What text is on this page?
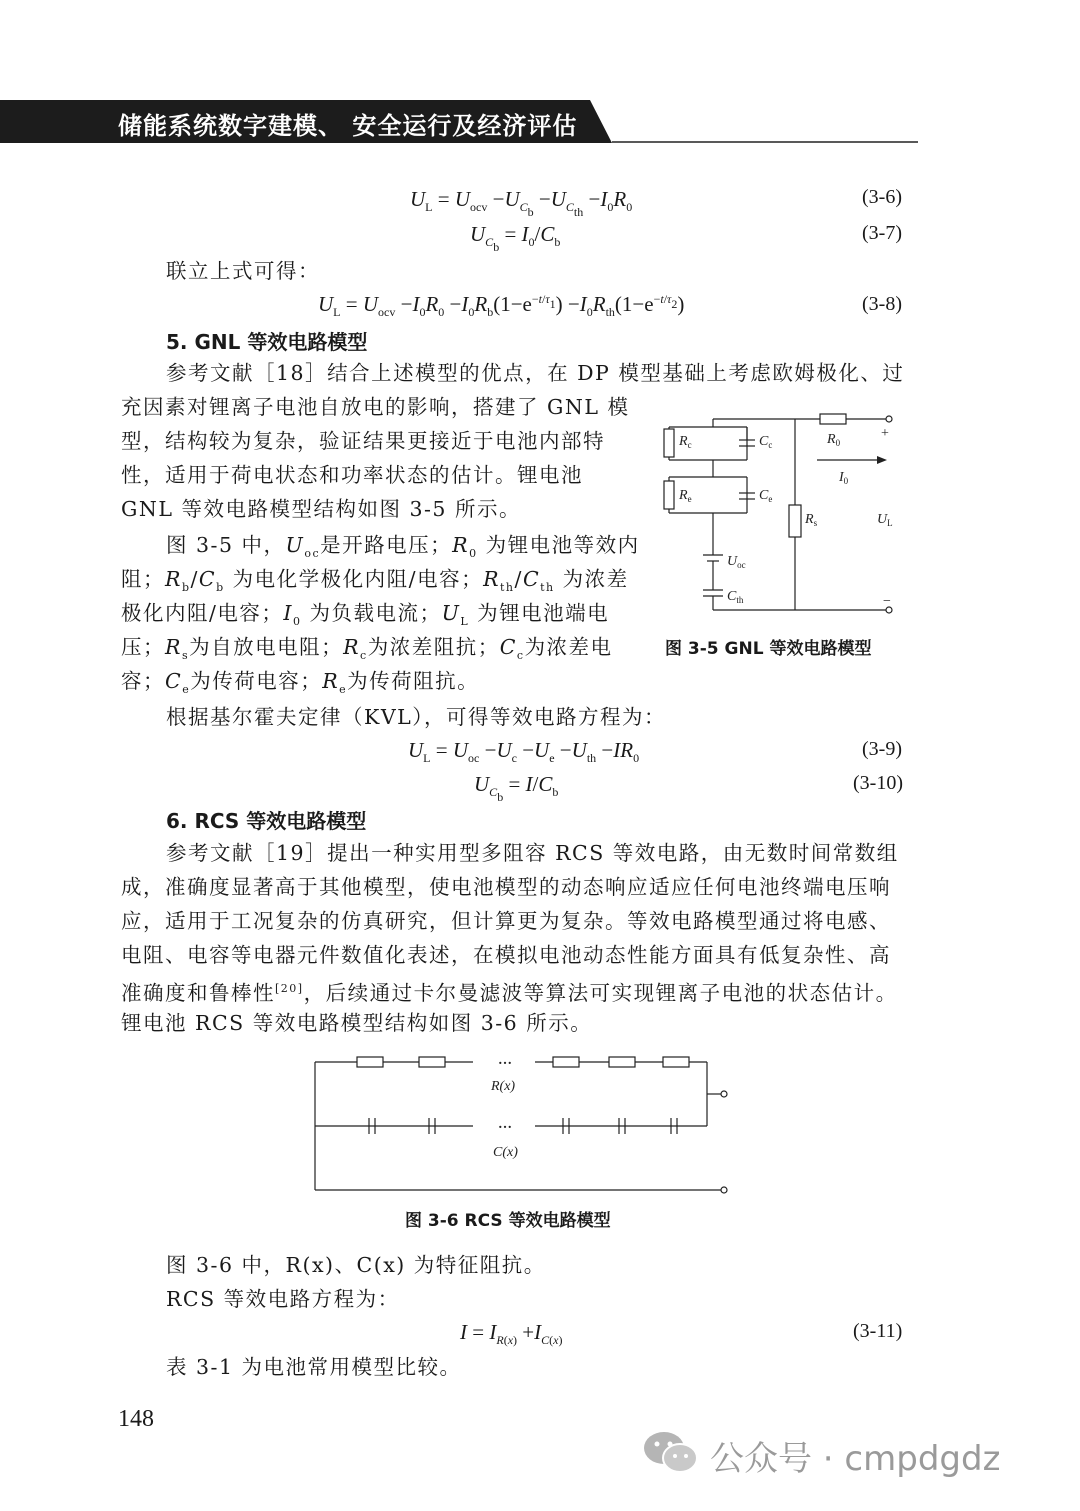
储能系统数字建模、 安全运行及经济评估
$U_L = U_{ocv} -U_{C_b} -U_{C_{th}} -I_0R_0$	(3-6)
$U_{C_b} = I_0/C_b$	(3-7)
联立上式可得：
$U_L = U_{ocv} -I_0R_0 -I_0R_b(1-e^{-t/\tau_1}) -I_0R_{th}(1-e^{-t/\tau_2})$	(3-8)
5. GNL 等效电路模型
参考文献［18］结合上述模型的优点，在 DP 模型基础上考虑欧姆极化、过
充因素对锂离子电池自放电的影响，搭建了 GNL 模
型，结构较为复杂，验证结果更接近于电池内部特
性，适用于荷电状态和功率状态的估计。锂电池
GNL 等效电路模型结构如图 3-5 所示。
图 3-5 中，$U_{oc}$是开路电压；$R_0$ 为锂电池等效内
阻；$R_b/C_b$ 为电化学极化内阻/电容；$R_{th}/C_{th}$ 为浓差
极化内阻/电容；$I_0$ 为负载电流；$U_L$ 为锂电池端电
压；$R_s$为自放电电阻；$R_c$为浓差阻抗；$C_c$为浓差电
容；$C_e$为传荷电容；$R_e$为传荷阻抗。
$R_c$	$C_c$	$R_0$
+
$I_0$
$R_e$	$C_e$
$R_s$	$U_L$
$U_{oc}$
$C_{th}$	−
图 3-5 GNL 等效电路模型
根据基尔霍夫定律（KVL），可得等效电路方程为：
$U_L = U_{oc} -U_c -U_e -U_{th} -IR_0$	(3-9)
$U_{C_b} = I/C_b$	(3-10)
6. RCS 等效电路模型
参考文献［19］提出一种实用型多阻容 RCS 等效电路，由无数时间常数组
成，准确度显著高于其他模型，使电池模型的动态响应适应任何电池终端电压响
应，适用于工况复杂的仿真研究，但计算更为复杂。等效电路模型通过将电感、
电阻、电容等电器元件数值化表述，在模拟电池动态性能方面具有低复杂性、高
准确度和鲁棒性[20]，后续通过卡尔曼滤波等算法可实现锂离子电池的状态估计。
锂电池 RCS 等效电路模型结构如图 3-6 所示。
…
R(x)
…
C(x)
图 3-6 RCS 等效电路模型
图 3-6 中，R(x)、C(x) 为特征阻抗。
RCS 等效电路方程为：
$I = I_{R(x)} +I_{C(x)}$	(3-11)
表 3-1 为电池常用模型比较。
148
公众号 · cmpdgdz
